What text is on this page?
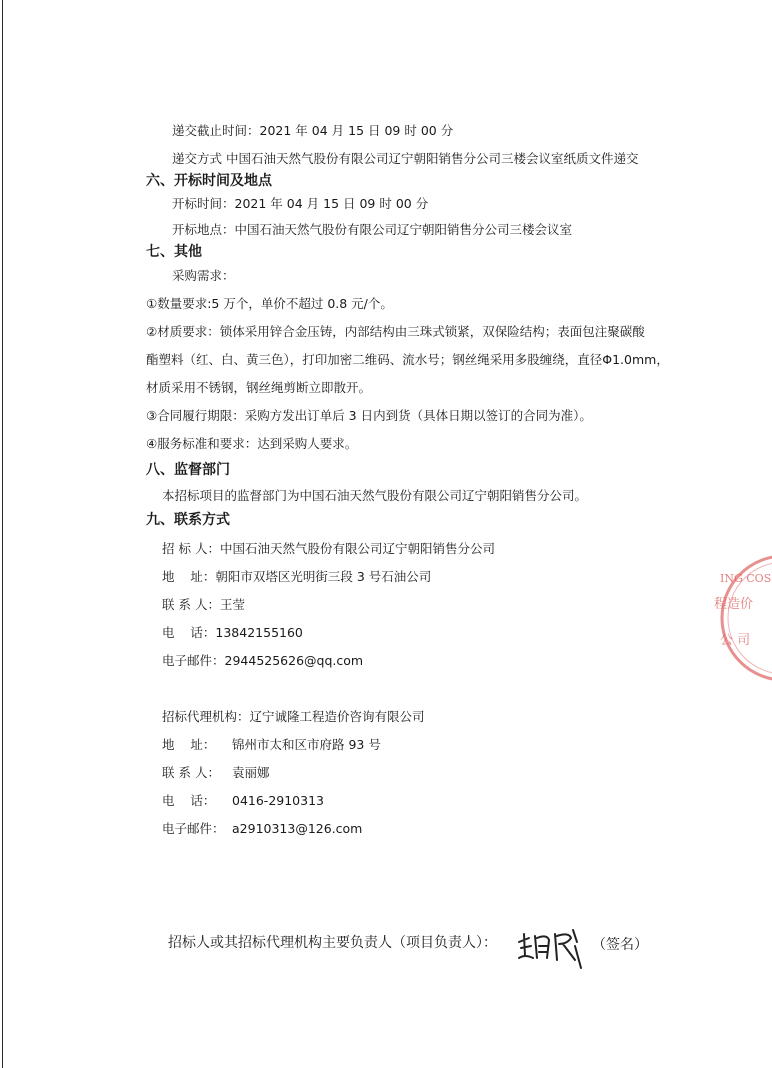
递交截止时间：2021 年 04 月 15 日 09 时 00 分
递交方式 中国石油天然气股份有限公司辽宁朝阳销售分公司三楼会议室纸质文件递交
六、开标时间及地点
开标时间：2021 年 04 月 15 日 09 时 00 分
开标地点：中国石油天然气股份有限公司辽宁朝阳销售分公司三楼会议室
七、其他
采购需求：
①数量要求:5 万个，单价不超过 0.8 元/个。
②材质要求：锁体采用锌合金压铸，内部结构由三珠式锁紧，双保险结构；表面包注聚碳酸
酯塑料（红、白、黄三色），打印加密二维码、流水号；钢丝绳采用多股缠绕，直径Φ1.0mm，
材质采用不锈钢，钢丝绳剪断立即散开。
③合同履行期限：采购方发出订单后 3 日内到货（具体日期以签订的合同为准）。
④服务标准和要求：达到采购人要求。
八、监督部门
本招标项目的监督部门为中国石油天然气股份有限公司辽宁朝阳销售分公司。
九、联系方式
招 标 人：中国石油天然气股份有限公司辽宁朝阳销售分公司
地    址：朝阳市双塔区光明街三段 3 号石油公司
联 系 人：王莹
电    话：13842155160
电子邮件：2944525626@qq.com
招标代理机构：辽宁诚隆工程造价咨询有限公司
地    址： 锦州市太和区市府路 93 号
联 系 人： 袁丽娜
电    话： 0416-2910313
电子邮件： a2910313@126.com
招标人或其招标代理机构主要负责人（项目负责人）：	（签名）
ING COS
程造价
公 司
